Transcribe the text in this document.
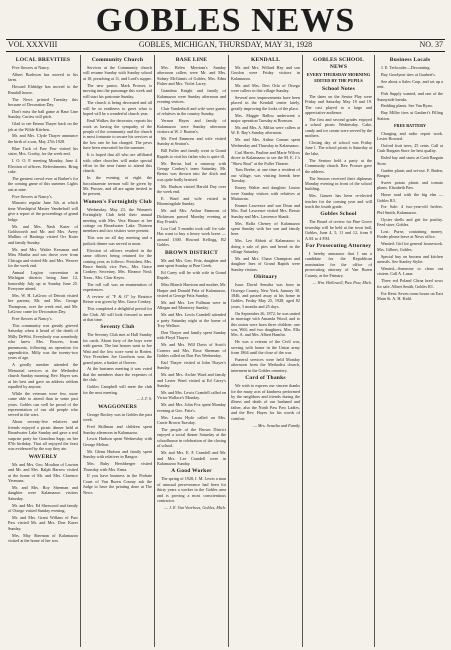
GOBLES NEWS
VOL XXXVIII	GOBLES, MICHIGAN, THURSDAY, MAY 31, 1928	NO. 37
LOCAL BREVITIES
Five flowers at Nancy.
Albert Burleson has moved to his farm.
Howard Eldridge has moved to the Randall house.
The News printed Tuesday this because of Decoration Day.
Don't miss the ball game at Base Line Sunday. Curtiss will pitch.
Glad to see Emma Thayer back on the job at the Wilde Kitchen.
Mr. and Mrs. Clyde Thayer announce the birth of a son, May 27th 1928.
Blue Tuck of Paw Paw visited his sister, Mrs. Crosby, for the week end.
I. O. O. F. meeting Monday, June 4. Election of officers. Refreshments. Bring cake.
The greatest crowd ever at Barber's for the coming game of this summer. Lights out at nine.
Five flowers at Nancy's.
Masonic regular June 5th, at which time Worshipful Master Vanderhoff will give a report of the proceedings of grand lodge.
Mr. and Mrs. Nash Kuter of Goldsworth and Mr. and Mrs. Avery Mullins of Hastings visited Orr Kuter and family Sunday.
Mr. and Mrs. Walter Kessman and Miss Martha and son drove over from Chicago and visited Mr. and Mrs. Weaver for the week end.
Annual Legion convention in Michigan districts being June 12, honorably July up to Sunday June 25. Everyone attend.
Mrs. W. H. LaGrow of Detroit visited her parents, Mr. and Mrs. George Thompson, over the week end, and Mr. LaGrow came for Decoration Day.
Free flowers at Nancy's.
This community was greatly grieved Saturday when it heard of the death of Milly DeWitt. Everybody was somebody who knew Mrs. Bowers, from pneumonia, following an operation for appendicitis. Milly was the twenty-two years of age.
A goodly number attended the Memorial services at the Methodist church Sunday morning. Rev. Hayes was at his best and gave an address seldom equalled by anyone.
While the veterans were few, more came able to attend than in some past years. Gobles can well be proud of the representation of our old people who served in the wars.
About seventy-five relatives and friends enjoyed a picnic dinner held at Broadwater Lake Sunday and gave a real surprise party for Grandma Sapp, on her 87th birthday. That all enjoyed the feast was evidenced by the way they ate.
WAVERLY
Mr. and Mrs. Geo. Moulton of Lawton and Mr. and Mrs. Ralph Harrow visited at the home of Mr. and Mrs. Clarence Yeomans.
Mr. and Mrs. Roy Sherman and daughter were Kalamazoo visitors Saturday.
Mr. and Mrs. Ed Sherwood and family of Otsego visited Sunday evening.
Mr. and Mrs. Grant Wilkins of Paw Paw visited Mr. and Mrs. Dorr Kazer Sunday.
Mrs. May Sherman of Kalamazoo visited at the home of her son.
Community Church
Services at the Community church will resume Sunday with Sunday school at 10, preaching at 11, and Lord's supper.
The new pastor, Mark Prosser, is moving into the parsonage this week and will start his pastorate Sunday.
The church is being decorated and all will be in readiness to greet what is hoped will be a wonderful church year.
Emil Walker, the decorator, reports his work as having the sympathy of the people of the community and the church is most fortunate to secure his services at the low rate he has charged. The pews have been renovated for the summer.
It is hoped that all who are affiliated with other churches will make special effort in the near future to attend this church.
In the evening at eight the baccalaureate sermon will be given by Mr. Prosser, and all are again invited to be present.
Women's Fortnightly Club
Wednesday, May 23, the Women's Fortnightly Club held their annual meeting with Mrs. Vera Hauser at her cottage on Broadwater Lake. Thirteen members and two visitors were present.
This was on all day meeting and a potluck dinner was served at noon.
Election of officers resulted in the same officers being retained for the coming year, as follows: President, Mrs. Bruce Smith; vice Pres., Mrs. Grace Conkey; Secretary, Mrs. Eleanor Neal; Treas., Mrs. Clair Keyes.
The roll call was an enumeration of experiences.
A review of "F & O" by Beatrice Reiser was given by Mrs. Grace Conkey.
This completed a delightful period for the Club. All will look forward to meet at that time.
Seventy Club
The Seventy Club met at Hall Sunday for cards. About forty of the boys were with guests. The last honors went to Joe Watt and the low score went to Rotten. Vice President Joe Goodwin won the grand prize, a basket of flowers.
At the business meeting it was voted that the members share the expenses of the club.
Gobles Campbell will meet the club for the next meeting.
— L.T. S.
WAGGONERS
George Rockey was in Gobles the past week.
Fred Skillman and children spent Sunday afternoon in Kalamazoo.
Lewis Hudson spent Wednesday with George Melton.
Mr. Glenn Hudson and family spent Sunday with relatives in Bangor.
Mrs. Ruby Hershberger visited Thursday with Mrs. Erma.
If you have business in the Probate Court of Van Buren County ask the Judge to have the printing done at The News.
BASE LINE
Mrs. Helen Merriam's Sunday afternoon callers were Mr. and Mrs. Sidney McGinnis of Gobles, Mrs. Edna Fisher and Mrs. Violet Lacey.
Grandma Knight and family of Kalamazoo were Sunday afternoon and evening visitors.
Clair Vanderhoff and wife were guests of relatives in the country Sunday.
Vernon Hayes and family of Kalamazoo were Sunday afternoon visitors at W. J. Burton's.
Mr. Fred Emmons and wife visited Sunday at Seaton's.
Bill Fuller and family went to Grand Rapids to visit his father who is quite ill.
Mr. Bertus had a runaway with George Conkey's team Saturday. Mr. Bertus was thrown into the ditch and was quite badly bruised.
Mr. Hudson visited Harold Day over the week end.
E. Ward and wife visited in Bloomingdale Sunday.
Mr. and Mrs. Arthur Emmons of Dickinson passed Monday evening at Roy Frank's.
Lou Carl 5 months took calf for sale. Has want to buy a heavy work horse — around 1300. Howard Kellogg, R2 Gobles.
BROWN DISTRICT
Mr. and Mrs. Geo. Fritz, daughter and aunt spent Sunday at Pine Creek.
Ed Carey will be with wife in Grand Rapids.
Miss Blanch Harrison and mother, Mr. Harper and Donald Fritz of Kalamazoo, visited at George Fritz Sunday.
Mr. and Mrs. Lee Fullman were in Allegan and Monterey Sunday.
Mr. and Mrs. Lewis Crandell attended a party Saturday night at the home of Troy Wallace.
Don Thayer and family spent Sunday with Floyd Thayer.
Mr. and Mrs. Will Davis of Scott's Corners and Mrs. Rose Sherman of Gobles called on Don Fox Wednesday.
Earl Thayer visited at John Thayer's Sunday.
Mr. and Mrs. Archie Ward and family and Lester Ward visited at Ed Carey's Sunday.
Mr. and Mrs. Lewis Crandell called on Victor Wallace's Monday.
Mr. and Mrs. John Fox spent Monday evening at Geo. Fritz's.
Mrs. Laura Hyde called on Mrs. Carrie Brown Tuesday.
The people of the Brown District enjoyed a social dinner Saturday at the schoolhouse in celebration of the closing of school.
Mr. and Mrs. E. F. Crandell and Mr. and Mrs. Lee Crandell were in Kalamazoo Sunday.
A Good Worker
The spring of 1928, I. M. Lewis a man of unusual perseverance had been for thirty years a worker in the Gobles area and is proving a most conscientious contractor.
— J. E. Van Voorhees, Gobles, Mich.
KENDALL
Mr. and Mrs. Willard Hay and son Gordon were Friday visitors in Kalamazoo.
Mr. and Mrs. Dert Orla of Otsego were callers in this village Sunday.
Several new improvements have been placed in the Kendall center lately, greatly improving the looks of the place.
Mrs. Maggie Ballou underwent a major operation Tuesday at Bronson.
Mr. and Mrs. A. Milius were callers at W. E. Bay's Sunday afternoon.
Mr. and Mrs. Arthur Coman spent Wednesday and Thursday in Kalamazoo.
Carl Harris, Pauline and Marie Wilcox drove to Kalamazoo to see the M. E. J.'s "Show Boat" at the Fuller Theatre.
Tom Beebe, at one time a resident of our village, was visiting friends here Tuesday.
Emery Walter and daughter Louise were Sunday visitors with relatives at Mattawan.
Emmet Lawrence and son Dean and Mrs. Earl Lawrence visited Mrs. Bessie Sunday and Mrs. Lawrence Shank.
Mrs. Rolla Cheney of Kalamazoo spent Sunday with her son and family here.
Mrs. Leo Abbott of Kalamazoo is doing a sale of pies and bread in the village Saturday.
Mr. and Mrs. Chase Champion and daughter Ines of Grand Rapids were Sunday visitors.
Obituary
Isaac David Sensiba was born in Oswego County, New York, January 30, 1846, and passed away at his home in Gobles, Friday May 25, 1928, aged 82 years, 3 months and 25 days.
On September 26, 1872, he was united in marriage with Amanda Wood, and to this union were born three children: one son, Will; and two daughters, Mrs. Ella Mrs. A. and Mrs. Albert Hamlin.
He was a veteran of the Civil war, serving with honor in the Union army from 1864 until the close of the war.
Funeral services were held Monday afternoon from the Methodist church, interment in the Gobles cemetery.
Card of Thanks
We wish to express our sincere thanks for the many acts of kindness performed by the neighbors and friends during the illness and death of our husband and father, also the North Paw Paw Ladies, and the Rev. Hayes for his words of comfort.
— Mrs. Sensiba and Family
GOBLES SCHOOL NEWS
EVERY THURSDAY MORNING
EDITED BY THE PUPILS
School Notes
The dates on the Senior Play were Friday and Saturday May 18 and 19. The cast played to a large and appreciative audience.
The first and second grades enjoyed a school picnic Wednesday. Cake, candy and ice cream were served by the mothers.
Closing day of school was Friday June 1. The school picnic is Saturday at the lake.
The Seniors held a party at the Community church. Rev. Prosser gave the address.
The Seniors received their diplomas Monday evening in front of the school building.
Mrs. Ganzer has been re-elected teacher for the coming year and will teach the fourth grade.
Gobles School
The Board of review for Pine Grove township will be held at the town hall, Gobles, June 4, 5, 11 and 12, from 9 A.M. to 4 P.M.
For Prosecuting Attorney
I hereby announce that I am a candidate for the Republican nomination for the office of prosecuting attorney of Van Buren County, at the Primary.
— Wm. Hollowell, Paw Paw, Mich.
Business Locals
J. E. Teckcoder—Decorating.
Buy Goodyear tires at Gaubert's.
See about a Sales Corp. and set up a rent.
Fish Supply wanted, and one of the Sunnyside breaks.
Bedding plants. See Van Ryan.
Buy Miller tires at Gaubert's Filling Station.
FREE BATTERY
Charging and radio repair work. Lester Howard.
Oxford fruit trees, 25 cents. Call at Cash Bargain Store for best quality.
Baled hay and straw at Cash Bargain Store.
Garden plants and set-out. F. Baden, Bangor.
Sweet potato plants and tomato plants. Elizabeth Paw.
Horse road with the big elm — Gobles R3.
For Sale: 4 two-year-old heifers. Phil Smith, Kalamazoo.
Oyster shells and grit for poultry. Feed store, Gobles.
Lost: Purse, containing money. Finder please leave at News office.
Wanted: Girl for general housework. Mrs. Gilbert, Gobles.
Special buy on brooms and kitchen utensils. See Stanley Stylie.
Wanted—Someone to clean out cistern. Call A. Lazar.
Three red Poland China bred sows for sale. Albert Smith, Gobles R1.
For Rent: Seven room house on East Main St. A. H. Kidd.
